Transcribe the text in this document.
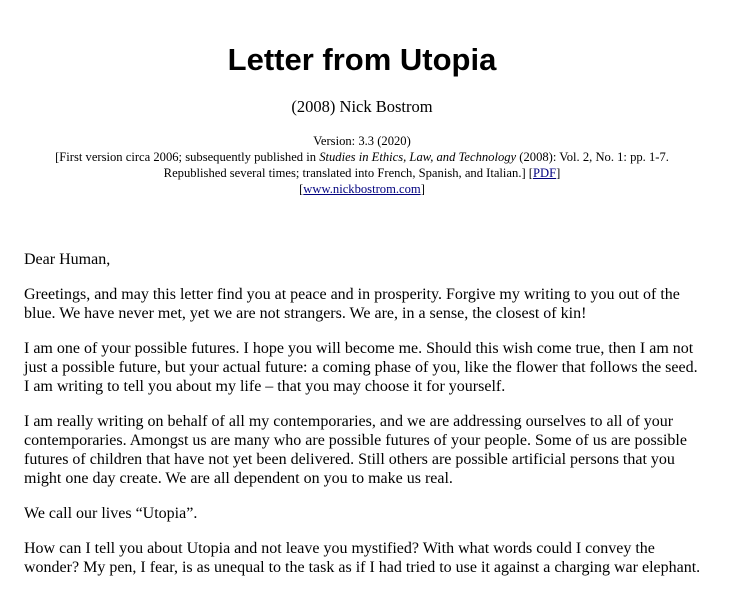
Letter from Utopia
(2008) Nick Bostrom
Version: 3.3 (2020)
[First version circa 2006; subsequently published in Studies in Ethics, Law, and Technology (2008): Vol. 2, No. 1: pp. 1-7.
Republished several times; translated into French, Spanish, and Italian.] [PDF]
[www.nickbostrom.com]

Dear Human,

Greetings, and may this letter find you at peace and in prosperity. Forgive my writing to you out of the blue. We have never met, yet we are not strangers. We are, in a sense, the closest of kin!

I am one of your possible futures. I hope you will become me. Should this wish come true, then I am not just a possible future, but your actual future: a coming phase of you, like the flower that follows the seed. I am writing to tell you about my life – that you may choose it for yourself.

I am really writing on behalf of all my contemporaries, and we are addressing ourselves to all of your contemporaries. Amongst us are many who are possible futures of your people. Some of us are possible futures of children that have not yet been delivered. Still others are possible artificial persons that you might one day create. We are all dependent on you to make us real.

We call our lives “Utopia”.

How can I tell you about Utopia and not leave you mystified? With what words could I convey the wonder? My pen, I fear, is as unequal to the task as if I had tried to use it against a charging war elephant.
